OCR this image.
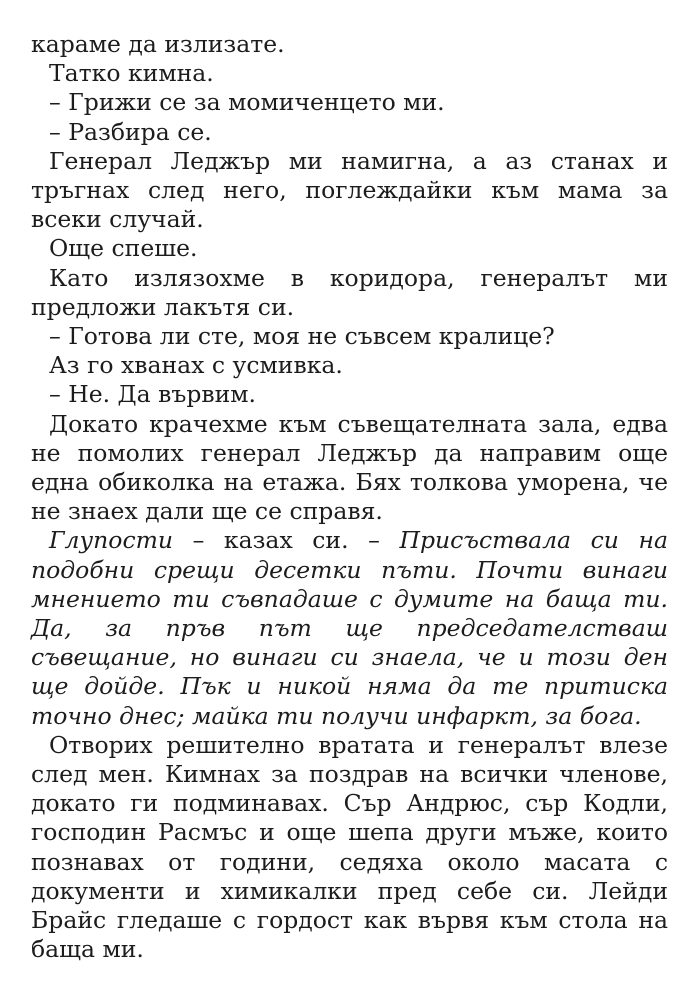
караме да излизате.

Татко кимна.

– Грижи се за момиченцето ми.

– Разбира се.

Генерал Леджър ми намигна, а аз станах и тръгнах след него, поглеждайки към мама за всеки случай.

Още спеше.

Като излязохме в коридора, генералът ми предложи лакътя си.

– Готова ли сте, моя не съвсем кралице?

Аз го хванах с усмивка.

– Не. Да вървим.

Докато крачехме към съвещателната зала, едва не помолих генерал Леджър да направим още една обиколка на етажа. Бях толкова уморена, че не знаех дали ще се справя.

Глупости – казах си. – Присъствала си на подобни срещи десетки пъти. Почти винаги мнението ти съвпадаше с думите на баща ти. Да, за пръв път ще председателстваш съвещание, но винаги си знаела, че и този ден ще дойде. Пък и никой няма да те притиска точно днес; майка ти получи инфаркт, за бога.

Отворих решително вратата и генералът влезе след мен. Кимнах за поздрав на всички членове, докато ги подминавах. Сър Андрюс, сър Кодли, господин Расмъс и още шепа други мъже, които познавах от години, седяха около масата с документи и химикалки пред себе си. Лейди Брайс гледаше с гордост как вървя към стола на баща ми.
